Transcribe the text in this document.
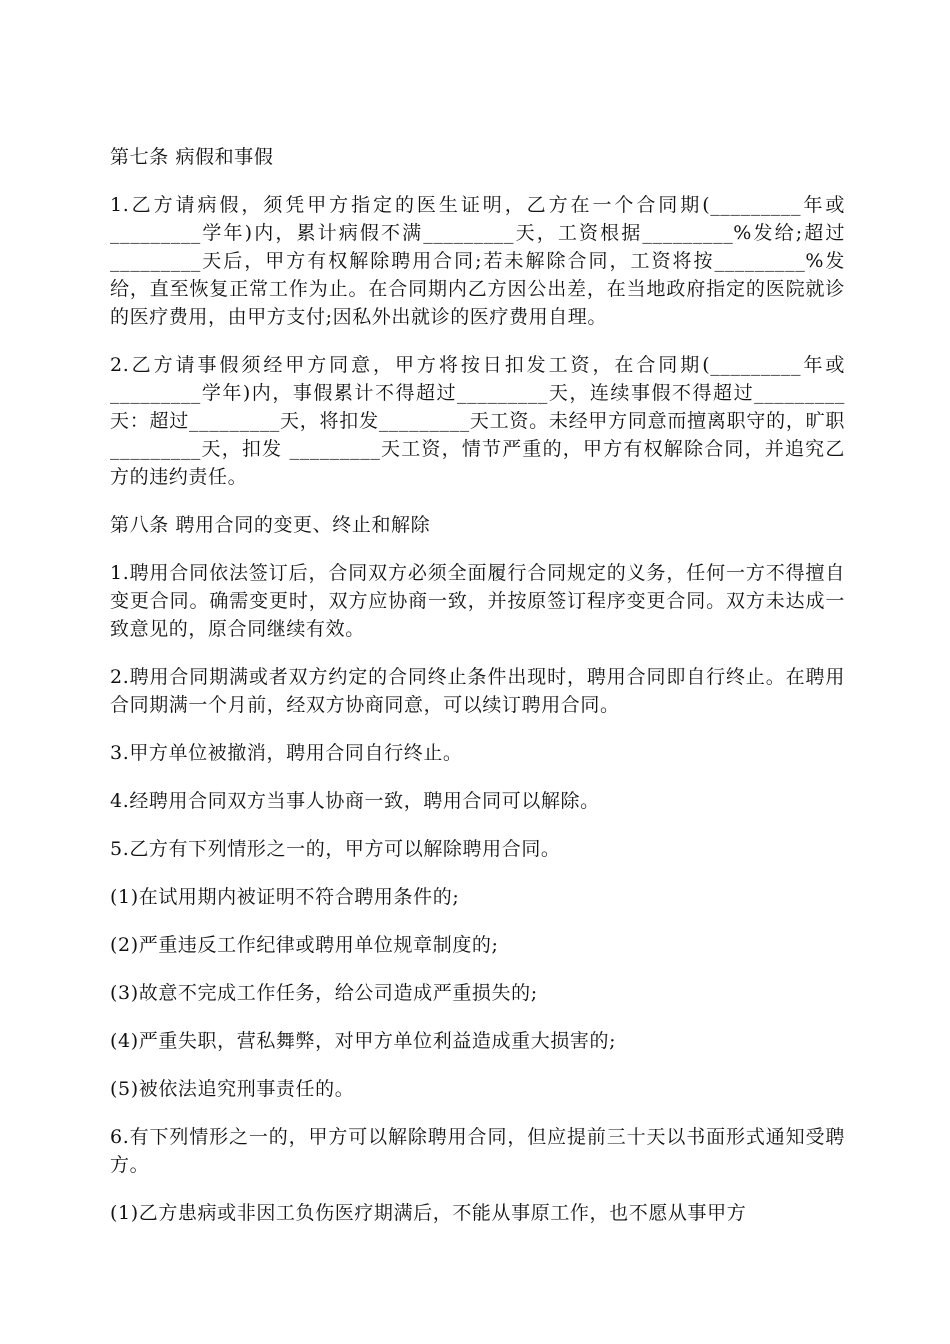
第七条 病假和事假

1.乙方请病假，须凭甲方指定的医生证明，乙方在一个合同期(_________年或_________学年)内，累计病假不满_________天，工资根据_________%发给;超过_________天后，甲方有权解除聘用合同;若未解除合同，工资将按_________%发给，直至恢复正常工作为止。在合同期内乙方因公出差，在当地政府指定的医院就诊的医疗费用，由甲方支付;因私外出就诊的医疗费用自理。

2.乙方请事假须经甲方同意，甲方将按日扣发工资，在合同期(_________年或_________学年)内，事假累计不得超过_________天，连续事假不得超过_________天：超过_________天，将扣发_________天工资。未经甲方同意而擅离职守的，旷职_________天，扣发 _________天工资，情节严重的，甲方有权解除合同，并追究乙方的违约责任。

第八条 聘用合同的变更、终止和解除

1.聘用合同依法签订后，合同双方必须全面履行合同规定的义务，任何一方不得擅自变更合同。确需变更时，双方应协商一致，并按原签订程序变更合同。双方未达成一致意见的，原合同继续有效。

2.聘用合同期满或者双方约定的合同终止条件出现时，聘用合同即自行终止。在聘用合同期满一个月前，经双方协商同意，可以续订聘用合同。

3.甲方单位被撤消，聘用合同自行终止。

4.经聘用合同双方当事人协商一致，聘用合同可以解除。

5.乙方有下列情形之一的，甲方可以解除聘用合同。

(1)在试用期内被证明不符合聘用条件的;

(2)严重违反工作纪律或聘用单位规章制度的;

(3)故意不完成工作任务，给公司造成严重损失的;

(4)严重失职，营私舞弊，对甲方单位利益造成重大损害的;

(5)被依法追究刑事责任的。

6.有下列情形之一的，甲方可以解除聘用合同，但应提前三十天以书面形式通知受聘方。

(1)乙方患病或非因工负伤医疗期满后，不能从事原工作，也不愿从事甲方
